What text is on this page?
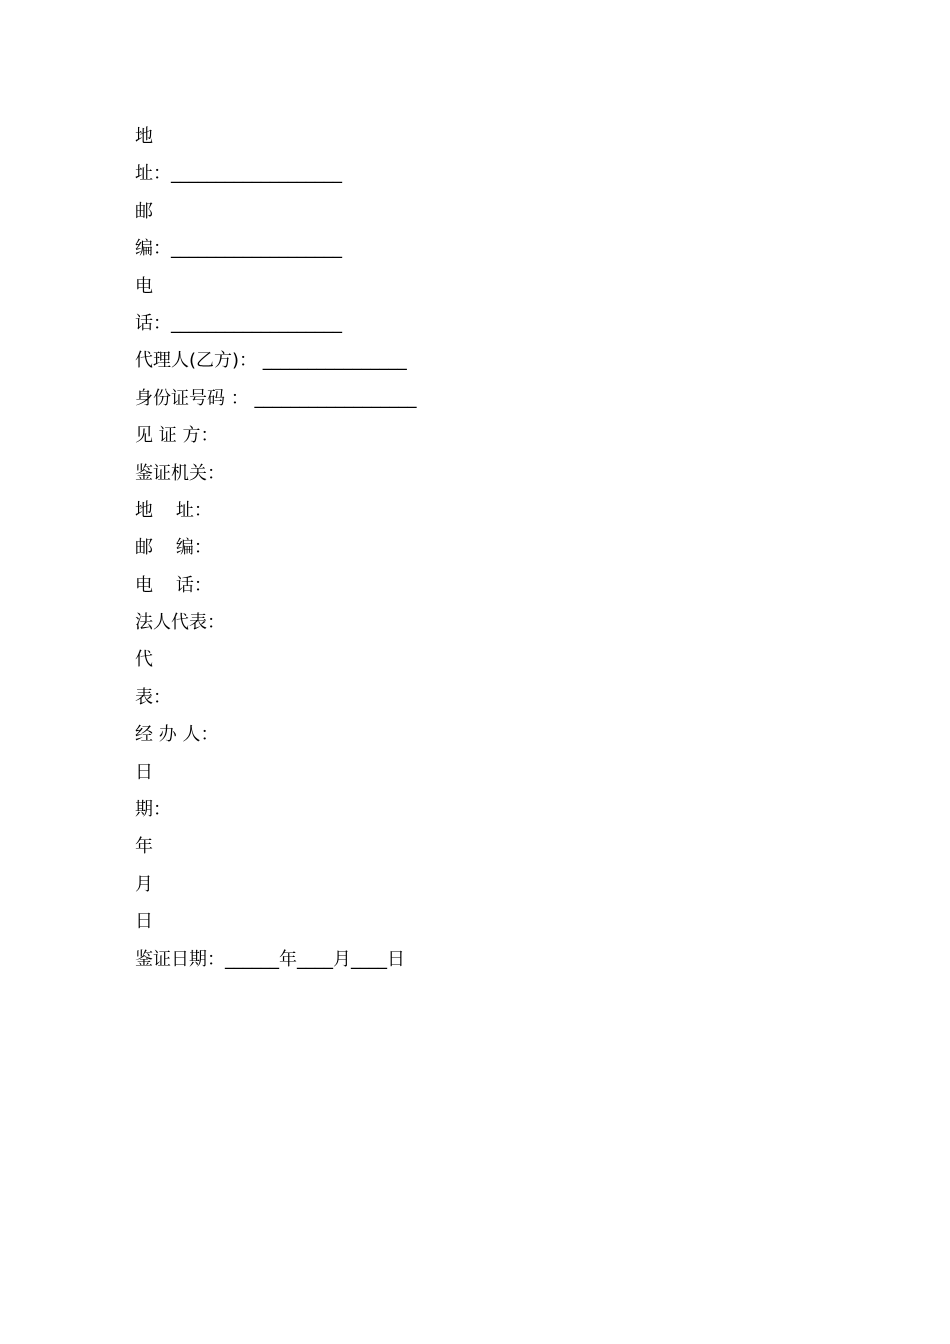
地
址：___________________
邮
编：___________________
电
话：___________________
代理人(乙方)： ________________
身份证号码 ： __________________
见 证 方：
鉴证机关：
地    址：
邮    编：
电    话：
法人代表：
代
表：
经 办 人：
日
期：
年
月
日
鉴证日期：______年____月____日
